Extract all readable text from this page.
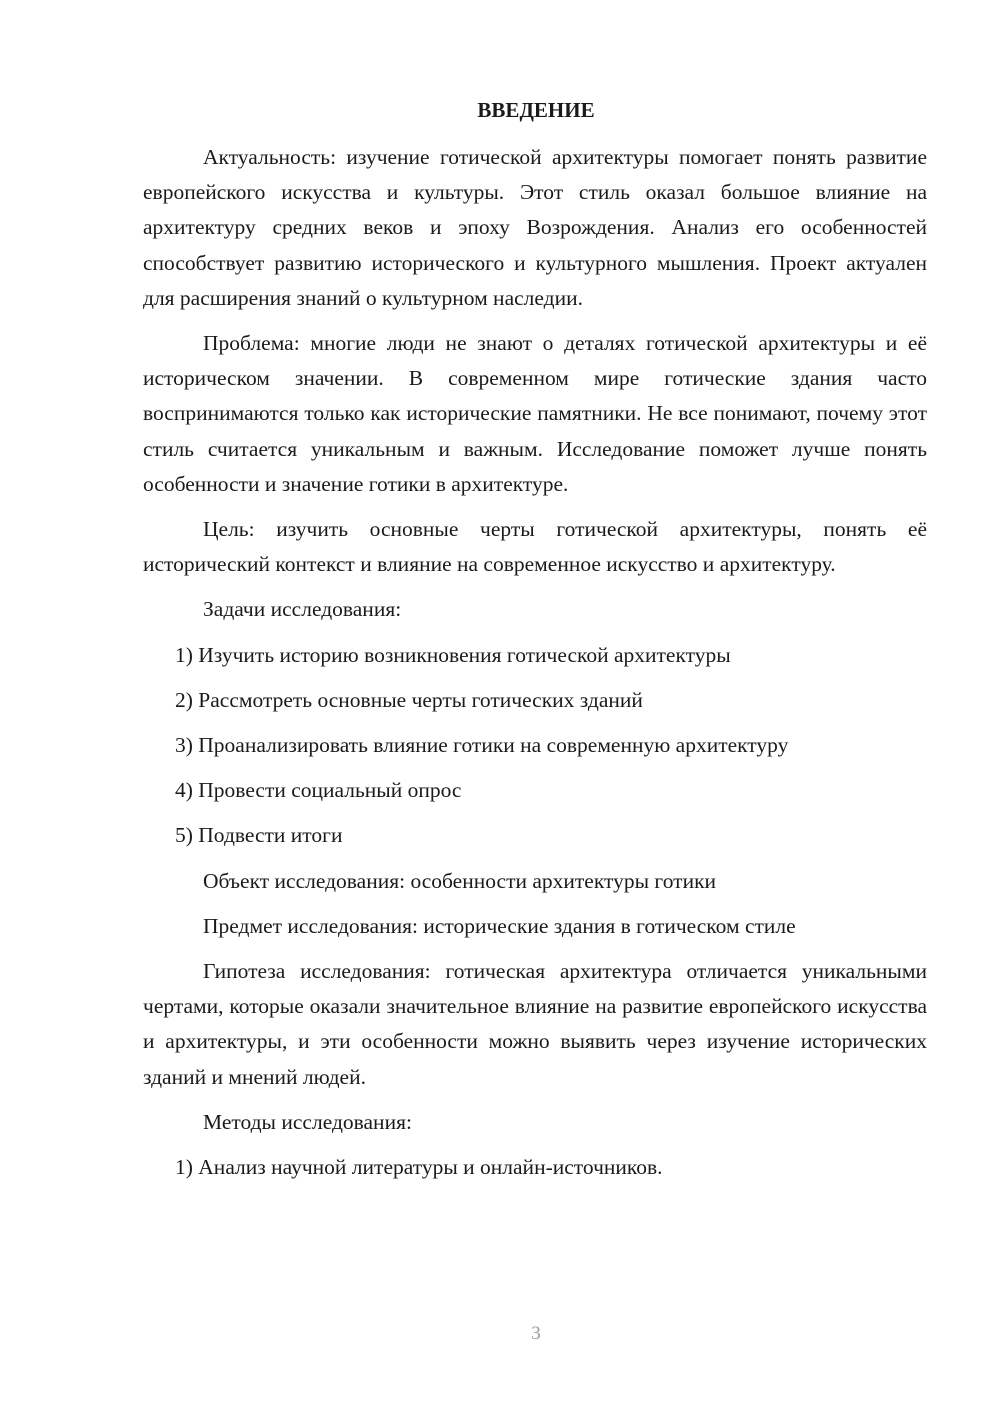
ВВЕДЕНИЕ

Актуальность: изучение готической архитектуры помогает понять развитие европейского искусства и культуры. Этот стиль оказал большое влияние на архитектуру средних веков и эпоху Возрождения. Анализ его особенностей способствует развитию исторического и культурного мышления. Проект актуален для расширения знаний о культурном наследии.

Проблема: многие люди не знают о деталях готической архитектуры и её историческом значении. В современном мире готические здания часто воспринимаются только как исторические памятники. Не все понимают, почему этот стиль считается уникальным и важным. Исследование поможет лучше понять особенности и значение готики в архитектуре.

Цель: изучить основные черты готической архитектуры, понять её исторический контекст и влияние на современное искусство и архитектуру.

Задачи исследования:

1) Изучить историю возникновения готической архитектуры

2) Рассмотреть основные черты готических зданий

3) Проанализировать влияние готики на современную архитектуру

4) Провести социальный опрос

5) Подвести итоги

Объект исследования: особенности архитектуры готики

Предмет исследования: исторические здания в готическом стиле

Гипотеза исследования: готическая архитектура отличается уникальными чертами, которые оказали значительное влияние на развитие европейского искусства и архитектуры, и эти особенности можно выявить через изучение исторических зданий и мнений людей.

Методы исследования:

1) Анализ научной литературы и онлайн-источников.

3
